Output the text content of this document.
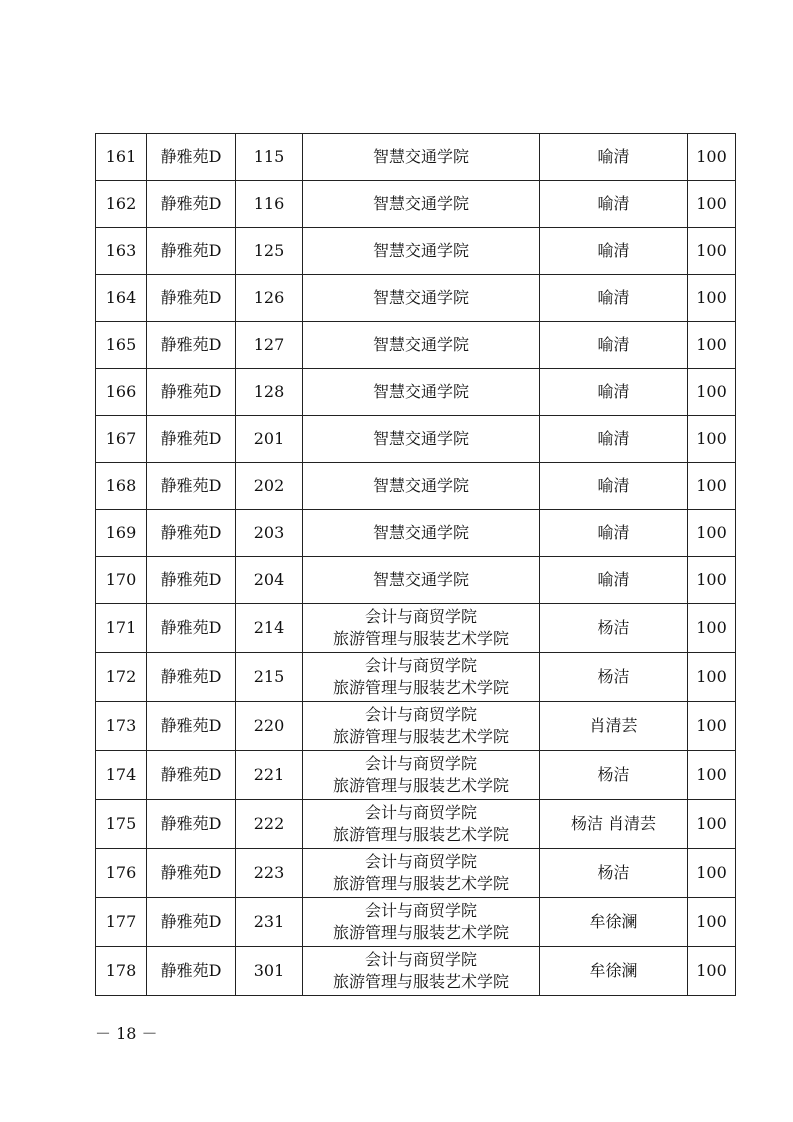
161	静雅苑D	115	智慧交通学院	喻清	100
162	静雅苑D	116	智慧交通学院	喻清	100
163	静雅苑D	125	智慧交通学院	喻清	100
164	静雅苑D	126	智慧交通学院	喻清	100
165	静雅苑D	127	智慧交通学院	喻清	100
166	静雅苑D	128	智慧交通学院	喻清	100
167	静雅苑D	201	智慧交通学院	喻清	100
168	静雅苑D	202	智慧交通学院	喻清	100
169	静雅苑D	203	智慧交通学院	喻清	100
170	静雅苑D	204	智慧交通学院	喻清	100
171	静雅苑D	214	会计与商贸学院
旅游管理与服装艺术学院	杨洁	100
172	静雅苑D	215	会计与商贸学院
旅游管理与服装艺术学院	杨洁	100
173	静雅苑D	220	会计与商贸学院
旅游管理与服装艺术学院	肖清芸	100
174	静雅苑D	221	会计与商贸学院
旅游管理与服装艺术学院	杨洁	100
175	静雅苑D	222	会计与商贸学院
旅游管理与服装艺术学院	杨洁 肖清芸	100
176	静雅苑D	223	会计与商贸学院
旅游管理与服装艺术学院	杨洁	100
177	静雅苑D	231	会计与商贸学院
旅游管理与服装艺术学院	牟徐澜	100
178	静雅苑D	301	会计与商贸学院
旅游管理与服装艺术学院	牟徐澜	100
－ 18 －
